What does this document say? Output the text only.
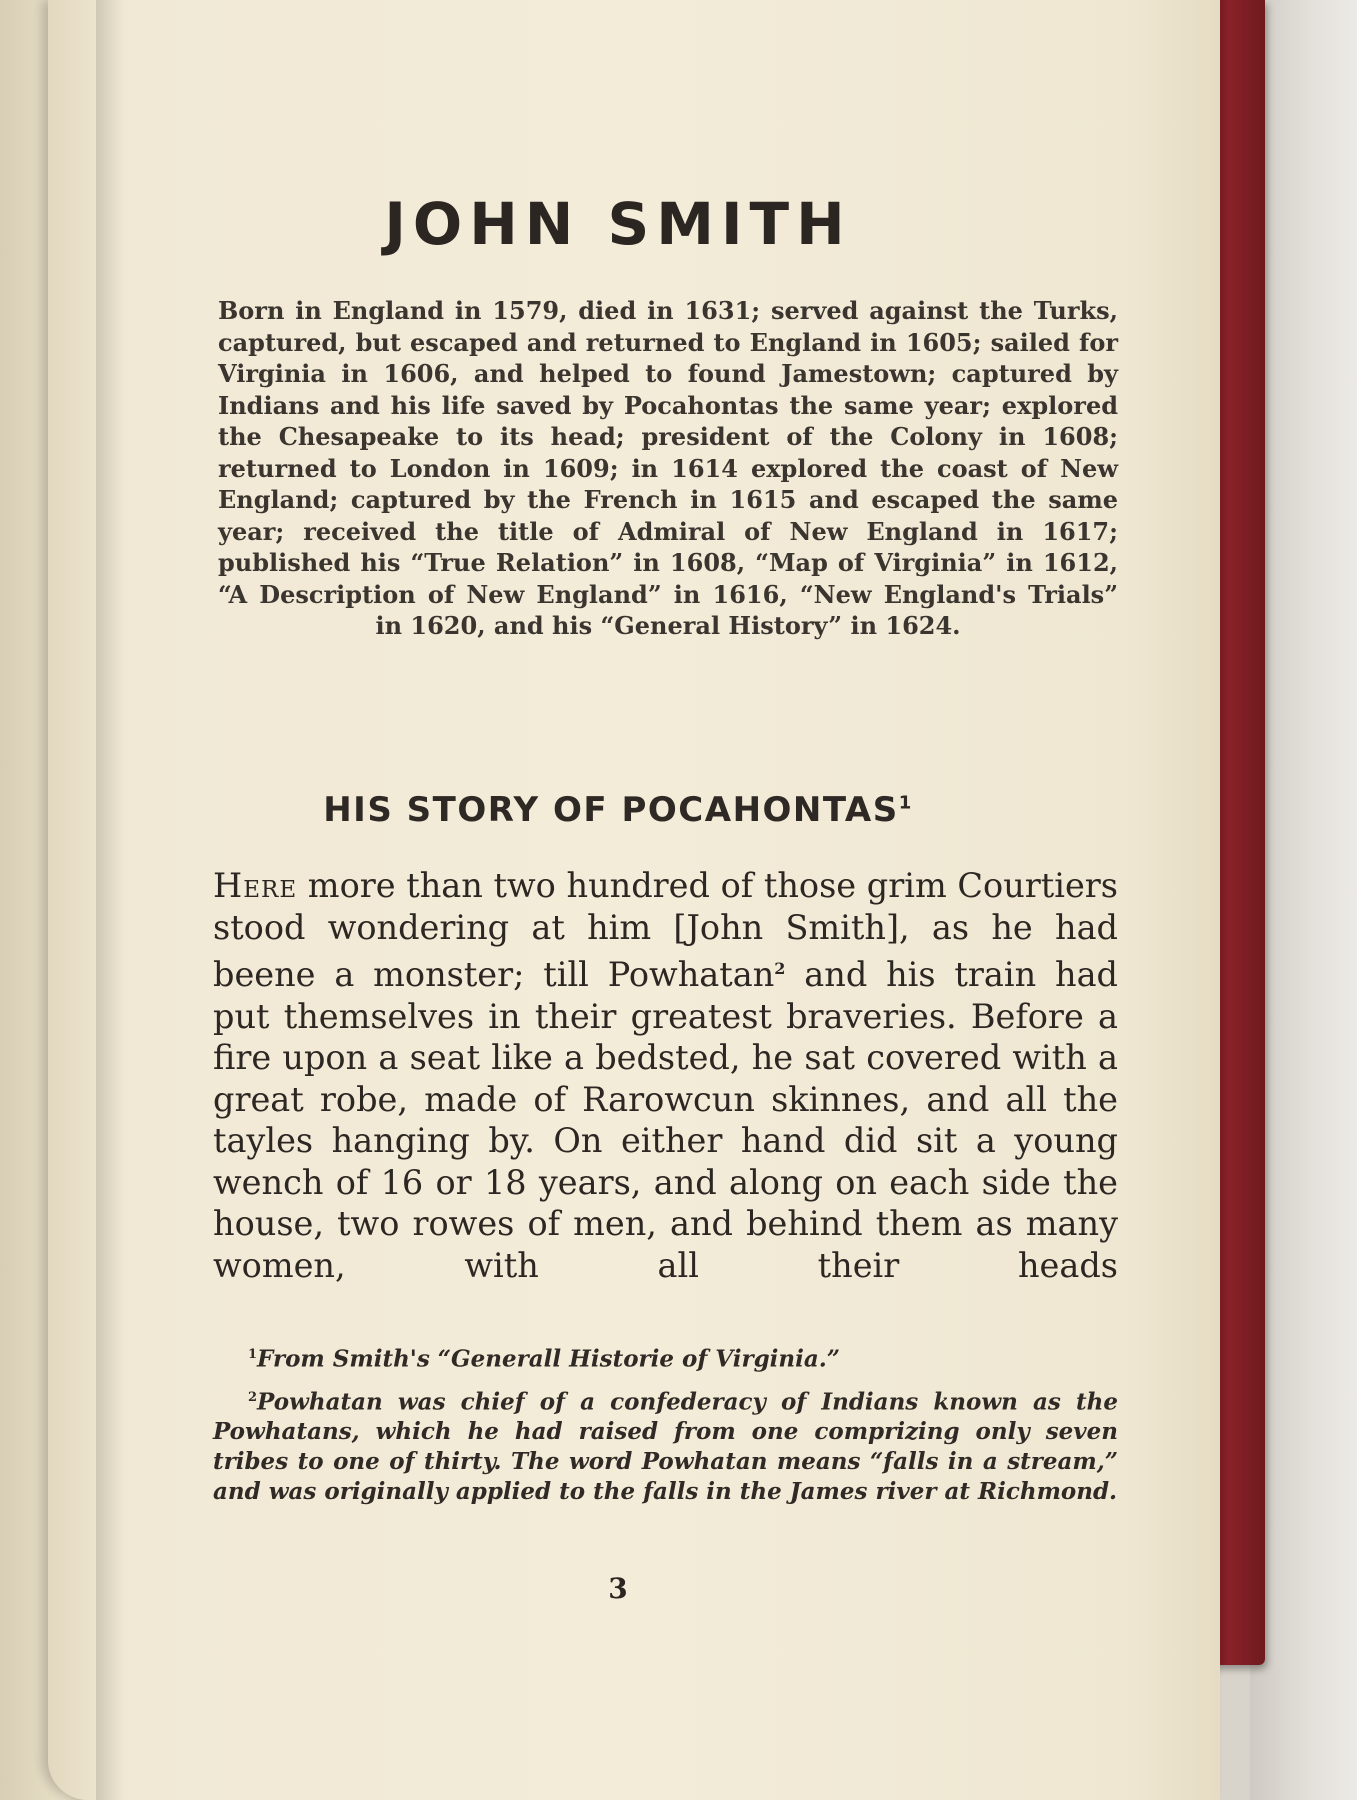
JOHN SMITH
Born in England in 1579, died in 1631; served against the Turks, captured, but escaped and returned to England in 1605; sailed for Virginia in 1606, and helped to found Jamestown; captured by Indians and his life saved by Pocahontas the same year; explored the Chesapeake to its head; president of the Colony in 1608; returned to London in 1609; in 1614 explored the coast of New England; captured by the French in 1615 and escaped the same year; received the title of Admiral of New England in 1617; published his “True Relation” in 1608, “Map of Virginia” in 1612, “A Description of New England” in 1616, “New England's Trials” in 1620, and his “General History” in 1624.
HIS STORY OF POCAHONTAS$^1$
Here more than two hundred of those grim Courtiers stood wondering at him [John Smith], as he had beene a monster; till Powhatan$^2$ and his train had put themselves in their greatest braveries. Before a fire upon a seat like a bedsted, he sat covered with a great robe, made of Rarowcun skinnes, and all the tayles hanging by. On either hand did sit a young wench of 16 or 18 years, and along on each side the house, two rowes of men, and behind them as many women, with all their heads
$^1$From Smith's “Generall Historie of Virginia.”
$^2$Powhatan was chief of a confederacy of Indians known as the Powhatans, which he had raised from one comprizing only seven tribes to one of thirty. The word Powhatan means “falls in a stream,” and was originally applied to the falls in the James river at Richmond.
3
